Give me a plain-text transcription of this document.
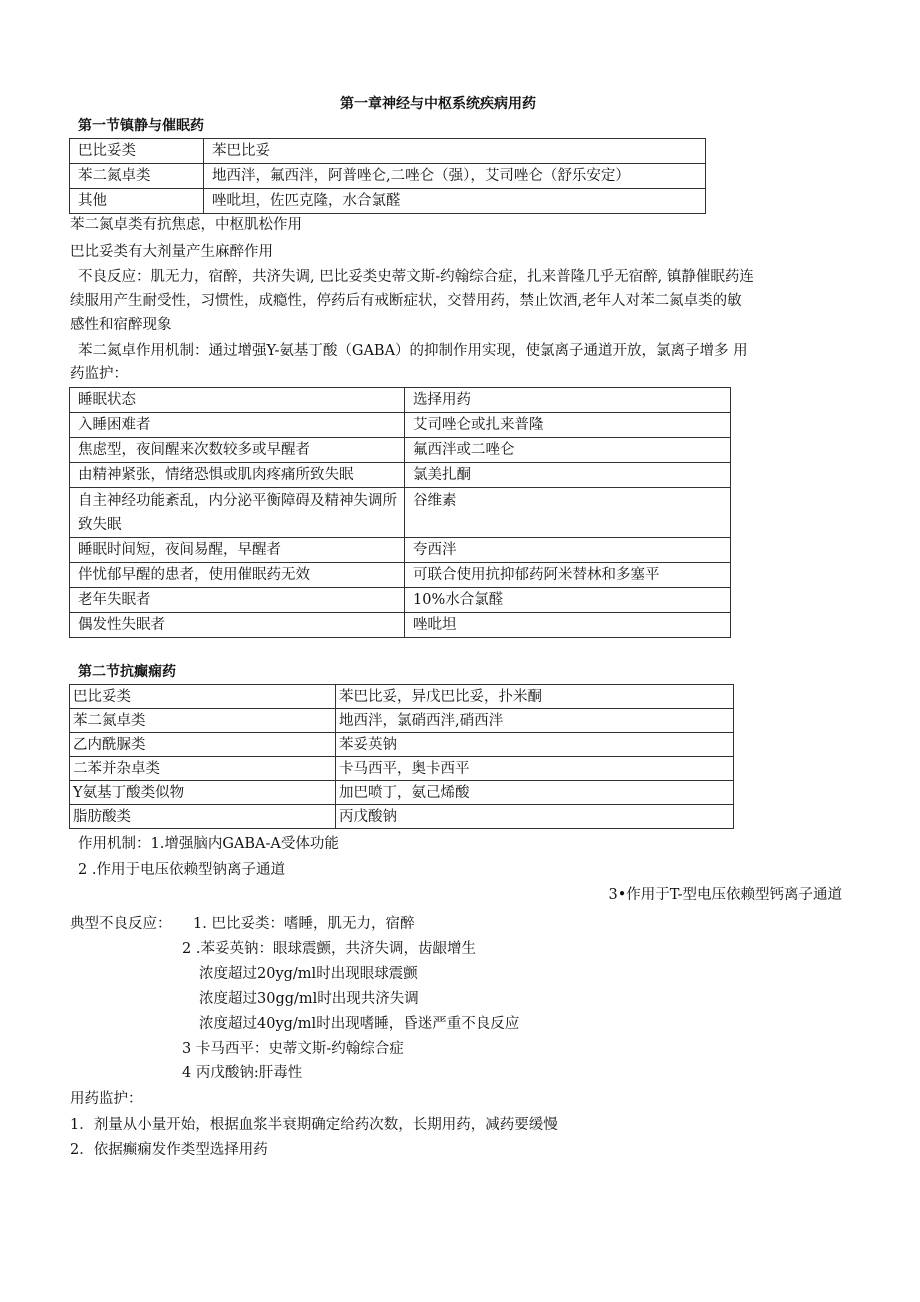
第一章神经与中枢系统疾病用药
第一节镇静与催眠药
巴比妥类	苯巴比妥
苯二氮卓类	地西泮，氟西泮，阿普唑仑,二唑仑（强），艾司唑仑（舒乐安定）
其他	唑吡坦，佐匹克隆，水合氯醛
苯二氮卓类有抗焦虑，中枢肌松作用
巴比妥类有大剂量产生麻醉作用
不良反应：肌无力，宿醉，共济失调, 巴比妥类史蒂文斯-约翰综合症，扎来普隆几乎无宿醉, 镇静催眠药连
续服用产生耐受性，习惯性，成瘾性，停药后有戒断症状，交替用药，禁止饮酒,老年人对苯二氮卓类的敏
感性和宿醉现象
苯二氮卓作用机制：通过增强Y-氨基丁酸（GABA）的抑制作用实现，使氯离子通道开放，氯离子增多 用
药监护：
睡眠状态	选择用药
入睡困难者	艾司唑仑或扎来普隆
焦虑型，夜间醒来次数较多或早醒者	氟西泮或二唑仑
由精神紧张，情绪恐惧或肌肉疼痛所致失眠	氯美扎酮
自主神经功能紊乱，内分泌平衡障碍及精神失调所致失眠	谷维素
睡眠时间短，夜间易醒，早醒者	夸西泮
伴忧郁早醒的患者，使用催眠药无效	可联合使用抗抑郁药阿米替林和多塞平
老年失眠者	10%水合氯醛
偶发性失眠者	唑吡坦
第二节抗癫痫药
巴比妥类	苯巴比妥，异戊巴比妥，扑米酮
苯二氮卓类	地西泮，氯硝西泮,硝西泮
乙内酰脲类	苯妥英钠
二苯并杂卓类	卡马西平，奥卡西平
Y氨基丁酸类似物	加巴喷丁，氨己烯酸
脂肪酸类	丙戊酸钠
作用机制：1.增强脑内GABA-A受体功能
2 .作用于电压依赖型钠离子通道
3•作用于T-型电压依赖型钙离子通道
典型不良反应： 1. 巴比妥类：嗜睡，肌无力，宿醉
2 .苯妥英钠：眼球震颤，共济失调，齿龈增生
浓度超过20yg/ml时出现眼球震颤
浓度超过30gg/ml时出现共济失调
浓度超过40yg/ml时出现嗜睡，昏迷严重不良反应
3 卡马西平：史蒂文斯-约翰综合症
4 丙戊酸钠:肝毒性
用药监护：
1．剂量从小量开始，根据血浆半衰期确定给药次数，长期用药，减药要缓慢
2．依据癫痫发作类型选择用药
